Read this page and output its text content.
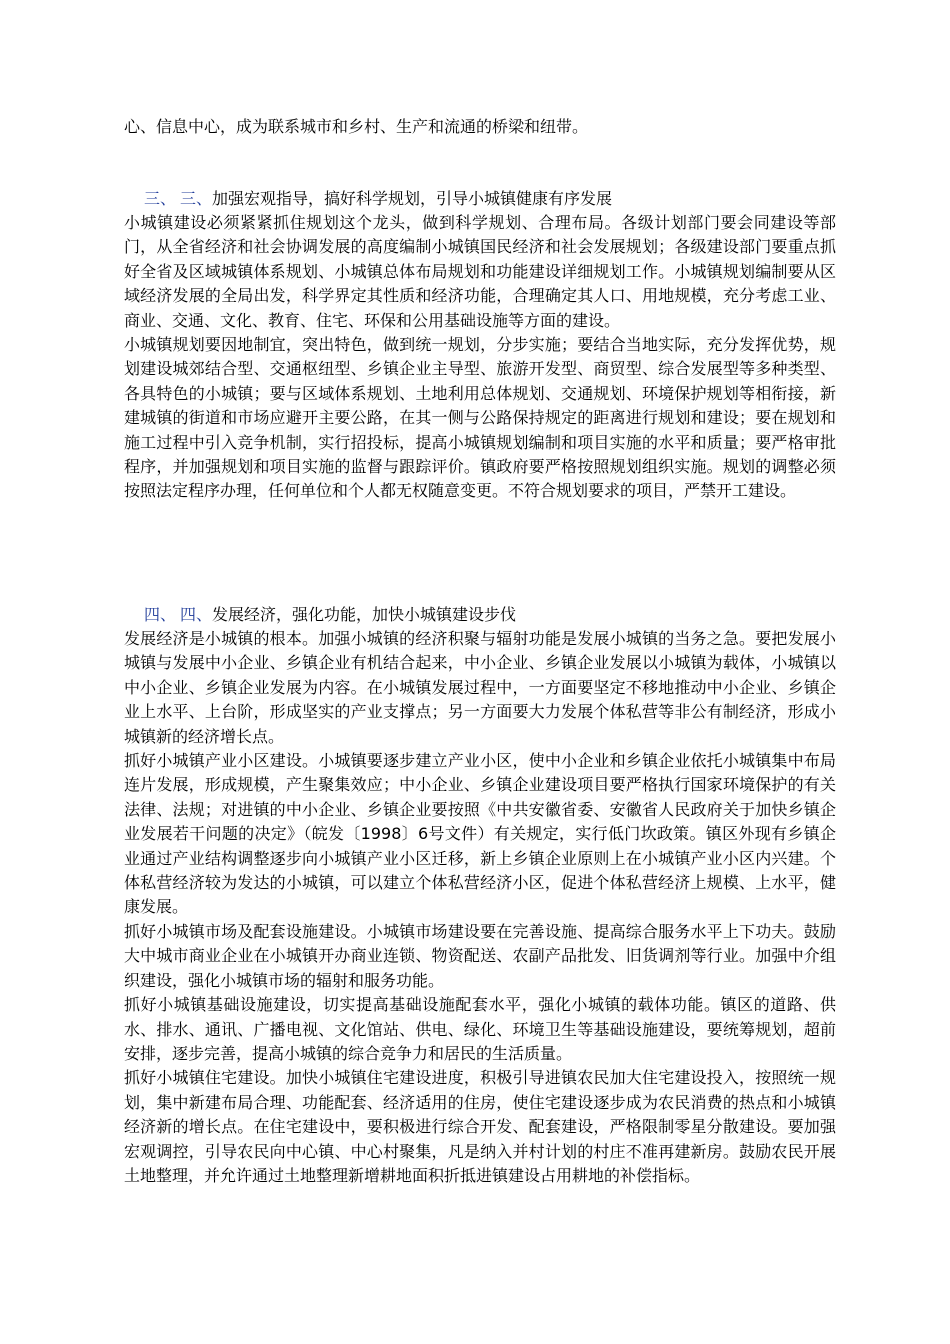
心、信息中心，成为联系城市和乡村、生产和流通的桥梁和纽带。

三、 三、加强宏观指导，搞好科学规划，引导小城镇健康有序发展

小城镇建设必须紧紧抓住规划这个龙头，做到科学规划、合理布局。各级计划部门要会同建设等部门，从全省经济和社会协调发展的高度编制小城镇国民经济和社会发展规划；各级建设部门要重点抓好全省及区域城镇体系规划、小城镇总体布局规划和功能建设详细规划工作。小城镇规划编制要从区域经济发展的全局出发，科学界定其性质和经济功能，合理确定其人口、用地规模，充分考虑工业、商业、交通、文化、教育、住宅、环保和公用基础设施等方面的建设。

小城镇规划要因地制宜，突出特色，做到统一规划，分步实施；要结合当地实际，充分发挥优势，规划建设城郊结合型、交通枢纽型、乡镇企业主导型、旅游开发型、商贸型、综合发展型等多种类型、各具特色的小城镇；要与区域体系规划、土地利用总体规划、交通规划、环境保护规划等相衔接，新建城镇的街道和市场应避开主要公路，在其一侧与公路保持规定的距离进行规划和建设；要在规划和施工过程中引入竞争机制，实行招投标，提高小城镇规划编制和项目实施的水平和质量；要严格审批程序，并加强规划和项目实施的监督与跟踪评价。镇政府要严格按照规划组织实施。规划的调整必须按照法定程序办理，任何单位和个人都无权随意变更。不符合规划要求的项目，严禁开工建设。

四、 四、发展经济，强化功能，加快小城镇建设步伐

发展经济是小城镇的根本。加强小城镇的经济积聚与辐射功能是发展小城镇的当务之急。要把发展小城镇与发展中小企业、乡镇企业有机结合起来，中小企业、乡镇企业发展以小城镇为载体，小城镇以中小企业、乡镇企业发展为内容。在小城镇发展过程中，一方面要坚定不移地推动中小企业、乡镇企业上水平、上台阶，形成坚实的产业支撑点；另一方面要大力发展个体私营等非公有制经济，形成小城镇新的经济增长点。

抓好小城镇产业小区建设。小城镇要逐步建立产业小区，使中小企业和乡镇企业依托小城镇集中布局连片发展，形成规模，产生聚集效应；中小企业、乡镇企业建设项目要严格执行国家环境保护的有关法律、法规；对进镇的中小企业、乡镇企业要按照《中共安徽省委、安徽省人民政府关于加快乡镇企业发展若干问题的决定》（皖发〔1998〕6号文件）有关规定，实行低门坎政策。镇区外现有乡镇企业通过产业结构调整逐步向小城镇产业小区迁移，新上乡镇企业原则上在小城镇产业小区内兴建。个体私营经济较为发达的小城镇，可以建立个体私营经济小区，促进个体私营经济上规模、上水平，健康发展。

抓好小城镇市场及配套设施建设。小城镇市场建设要在完善设施、提高综合服务水平上下功夫。鼓励大中城市商业企业在小城镇开办商业连锁、物资配送、农副产品批发、旧货调剂等行业。加强中介组织建设，强化小城镇市场的辐射和服务功能。

抓好小城镇基础设施建设，切实提高基础设施配套水平，强化小城镇的载体功能。镇区的道路、供水、排水、通讯、广播电视、文化馆站、供电、绿化、环境卫生等基础设施建设，要统筹规划，超前安排，逐步完善，提高小城镇的综合竞争力和居民的生活质量。

抓好小城镇住宅建设。加快小城镇住宅建设进度，积极引导进镇农民加大住宅建设投入，按照统一规划，集中新建布局合理、功能配套、经济适用的住房，使住宅建设逐步成为农民消费的热点和小城镇经济新的增长点。在住宅建设中，要积极进行综合开发、配套建设，严格限制零星分散建设。要加强宏观调控，引导农民向中心镇、中心村聚集，凡是纳入并村计划的村庄不准再建新房。鼓励农民开展土地整理，并允许通过土地整理新增耕地面积折抵进镇建设占用耕地的补偿指标。
